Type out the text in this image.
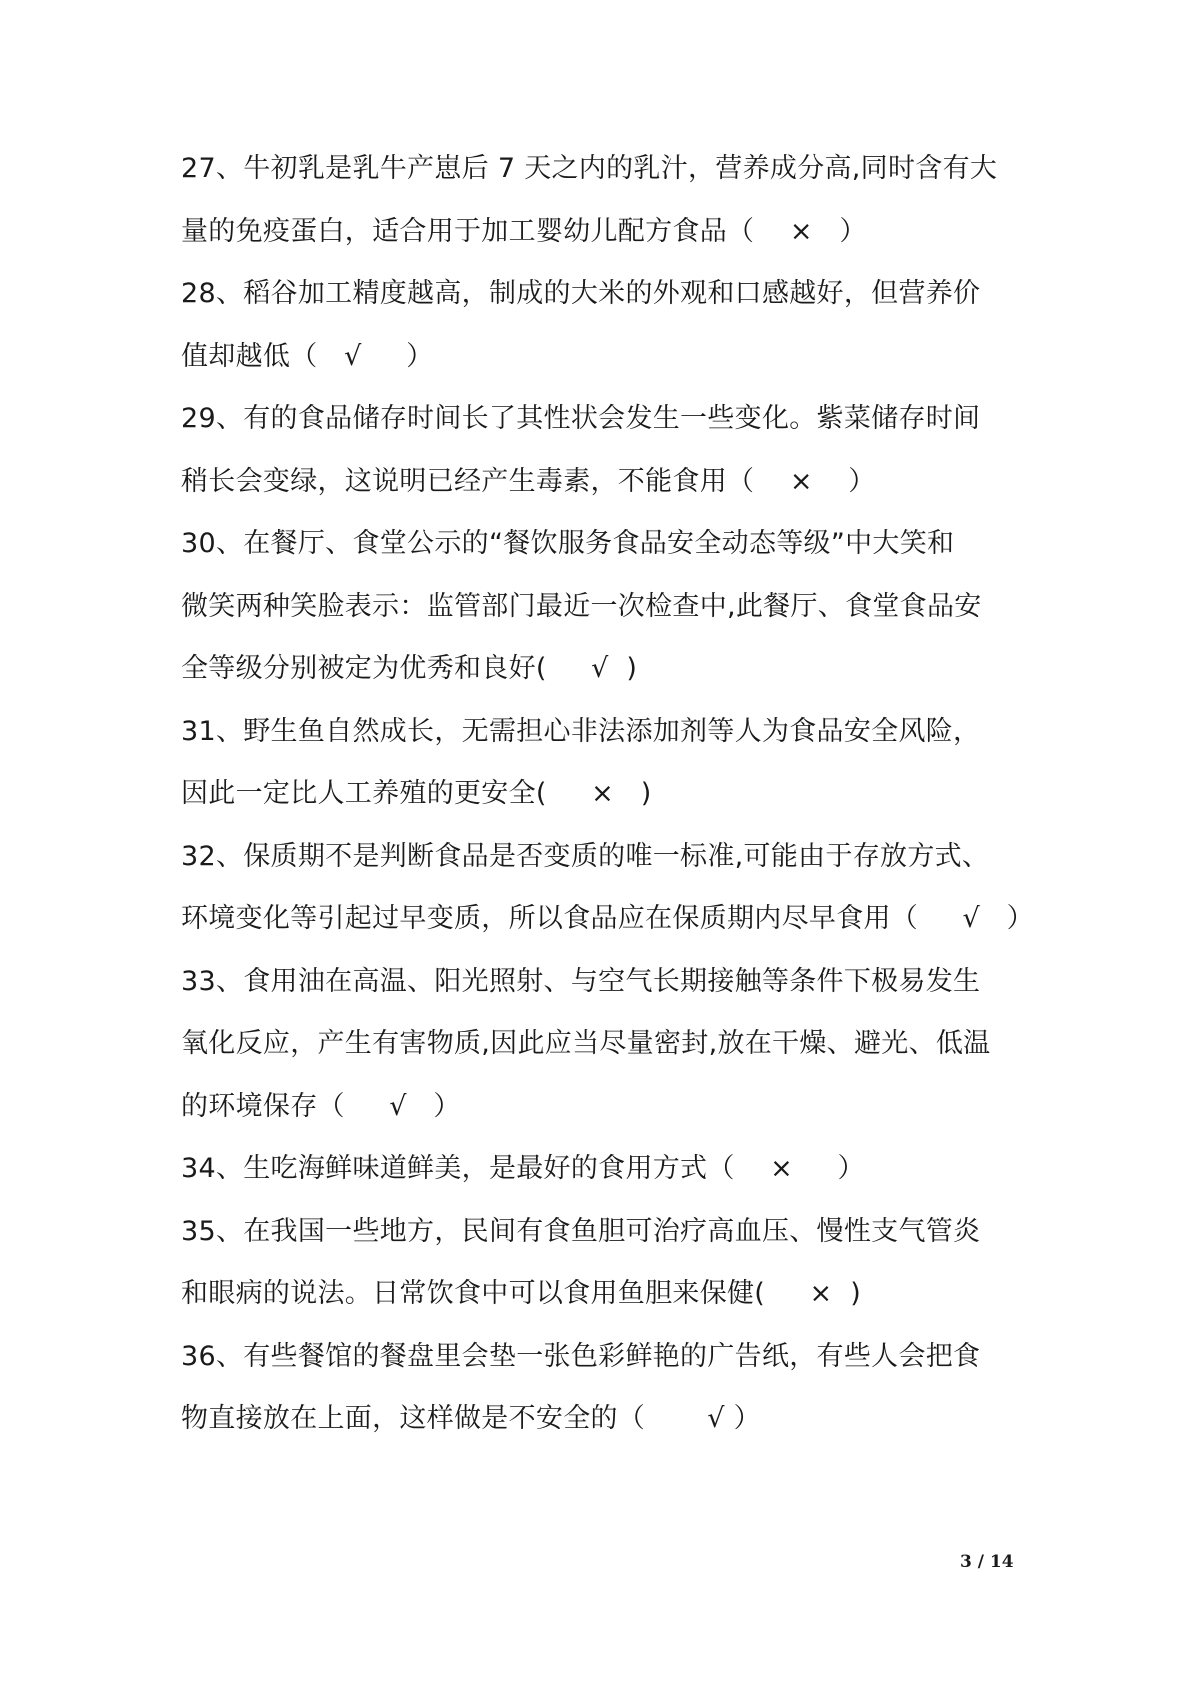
27、牛初乳是乳牛产崽后 7 天之内的乳汁，营养成分高,同时含有大
量的免疫蛋白，适合用于加工婴幼儿配方食品（    ×   ）
28、稻谷加工精度越高，制成的大米的外观和口感越好，但营养价
值却越低（   √     ）
29、有的食品储存时间长了其性状会发生一些变化。紫菜储存时间
稍长会变绿，这说明已经产生毒素，不能食用（    ×    ）
30、在餐厅、食堂公示的“餐饮服务食品安全动态等级”中大笑和
微笑两种笑脸表示：监管部门最近一次检查中,此餐厅、食堂食品安
全等级分别被定为优秀和良好(     √  )
31、野生鱼自然成长，无需担心非法添加剂等人为食品安全风险，
因此一定比人工养殖的更安全(     ×   )
32、保质期不是判断食品是否变质的唯一标准,可能由于存放方式、
环境变化等引起过早变质，所以食品应在保质期内尽早食用（     √   ）
33、食用油在高温、阳光照射、与空气长期接触等条件下极易发生
氧化反应，产生有害物质,因此应当尽量密封,放在干燥、避光、低温
的环境保存（     √   ）
34、生吃海鲜味道鲜美，是最好的食用方式（    ×     ）
35、在我国一些地方，民间有食鱼胆可治疗高血压、慢性支气管炎
和眼病的说法。日常饮食中可以食用鱼胆来保健(     ×  )
36、有些餐馆的餐盘里会垫一张色彩鲜艳的广告纸，有些人会把食
物直接放在上面，这样做是不安全的（       √ ）
3 / 14
